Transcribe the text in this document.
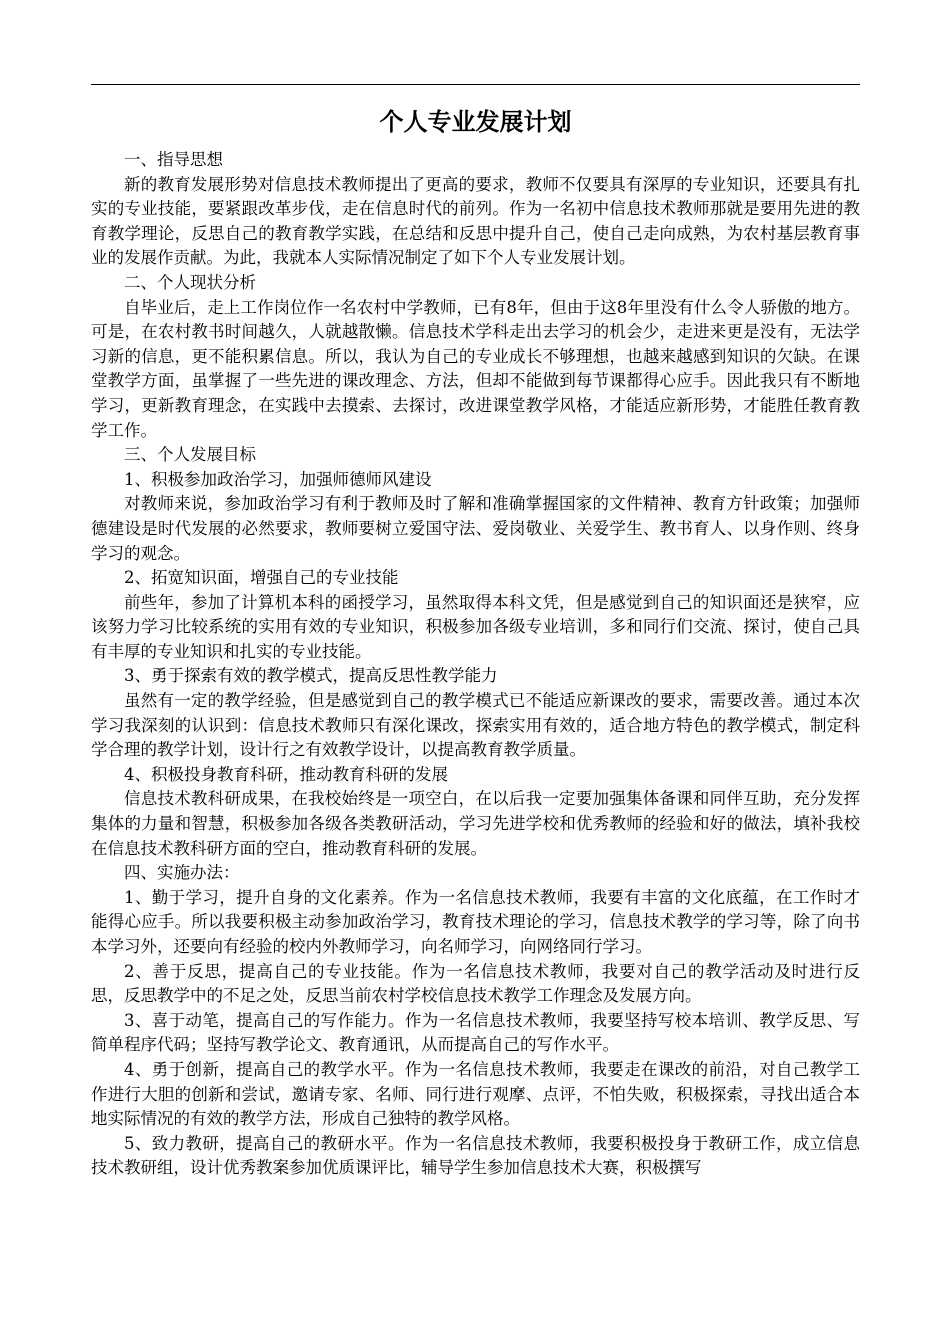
个人专业发展计划

一、指导思想

新的教育发展形势对信息技术教师提出了更高的要求，教师不仅要具有深厚的专业知识，还要具有扎实的专业技能，要紧跟改革步伐，走在信息时代的前列。作为一名初中信息技术教师那就是要用先进的教育教学理论，反思自己的教育教学实践，在总结和反思中提升自己，使自己走向成熟，为农村基层教育事业的发展作贡献。为此，我就本人实际情况制定了如下个人专业发展计划。

二、个人现状分析

自毕业后，走上工作岗位作一名农村中学教师，已有8年，但由于这8年里没有什么令人骄傲的地方。可是，在农村教书时间越久，人就越散懒。信息技术学科走出去学习的机会少，走进来更是没有，无法学习新的信息，更不能积累信息。所以，我认为自己的专业成长不够理想，也越来越感到知识的欠缺。在课堂教学方面，虽掌握了一些先进的课改理念、方法，但却不能做到每节课都得心应手。因此我只有不断地学习，更新教育理念，在实践中去摸索、去探讨，改进课堂教学风格，才能适应新形势，才能胜任教育教学工作。

三、个人发展目标

1、积极参加政治学习，加强师德师风建设

对教师来说，参加政治学习有利于教师及时了解和准确掌握国家的文件精神、教育方针政策；加强师德建设是时代发展的必然要求，教师要树立爱国守法、爱岗敬业、关爱学生、教书育人、以身作则、终身学习的观念。

2、拓宽知识面，增强自己的专业技能

前些年，参加了计算机本科的函授学习，虽然取得本科文凭，但是感觉到自己的知识面还是狭窄，应该努力学习比较系统的实用有效的专业知识，积极参加各级专业培训，多和同行们交流、探讨，使自己具有丰厚的专业知识和扎实的专业技能。

3、勇于探索有效的教学模式，提高反思性教学能力

虽然有一定的教学经验，但是感觉到自己的教学模式已不能适应新课改的要求，需要改善。通过本次学习我深刻的认识到：信息技术教师只有深化课改，探索实用有效的，适合地方特色的教学模式，制定科学合理的教学计划，设计行之有效教学设计，以提高教育教学质量。

4、积极投身教育科研，推动教育科研的发展

信息技术教科研成果，在我校始终是一项空白，在以后我一定要加强集体备课和同伴互助，充分发挥集体的力量和智慧，积极参加各级各类教研活动，学习先进学校和优秀教师的经验和好的做法，填补我校在信息技术教科研方面的空白，推动教育科研的发展。

四、实施办法：

1、勤于学习，提升自身的文化素养。作为一名信息技术教师，我要有丰富的文化底蕴，在工作时才能得心应手。所以我要积极主动参加政治学习，教育技术理论的学习，信息技术教学的学习等，除了向书本学习外，还要向有经验的校内外教师学习，向名师学习，向网络同行学习。

2、善于反思，提高自己的专业技能。作为一名信息技术教师，我要对自己的教学活动及时进行反思，反思教学中的不足之处，反思当前农村学校信息技术教学工作理念及发展方向。

3、喜于动笔，提高自己的写作能力。作为一名信息技术教师，我要坚持写校本培训、教学反思、写简单程序代码；坚持写教学论文、教育通讯，从而提高自己的写作水平。

4、勇于创新，提高自己的教学水平。作为一名信息技术教师，我要走在课改的前沿，对自己教学工作进行大胆的创新和尝试，邀请专家、名师、同行进行观摩、点评，不怕失败，积极探索，寻找出适合本地实际情况的有效的教学方法，形成自己独特的教学风格。

5、致力教研，提高自己的教研水平。作为一名信息技术教师，我要积极投身于教研工作，成立信息技术教研组，设计优秀教案参加优质课评比，辅导学生参加信息技术大赛，积极撰写
